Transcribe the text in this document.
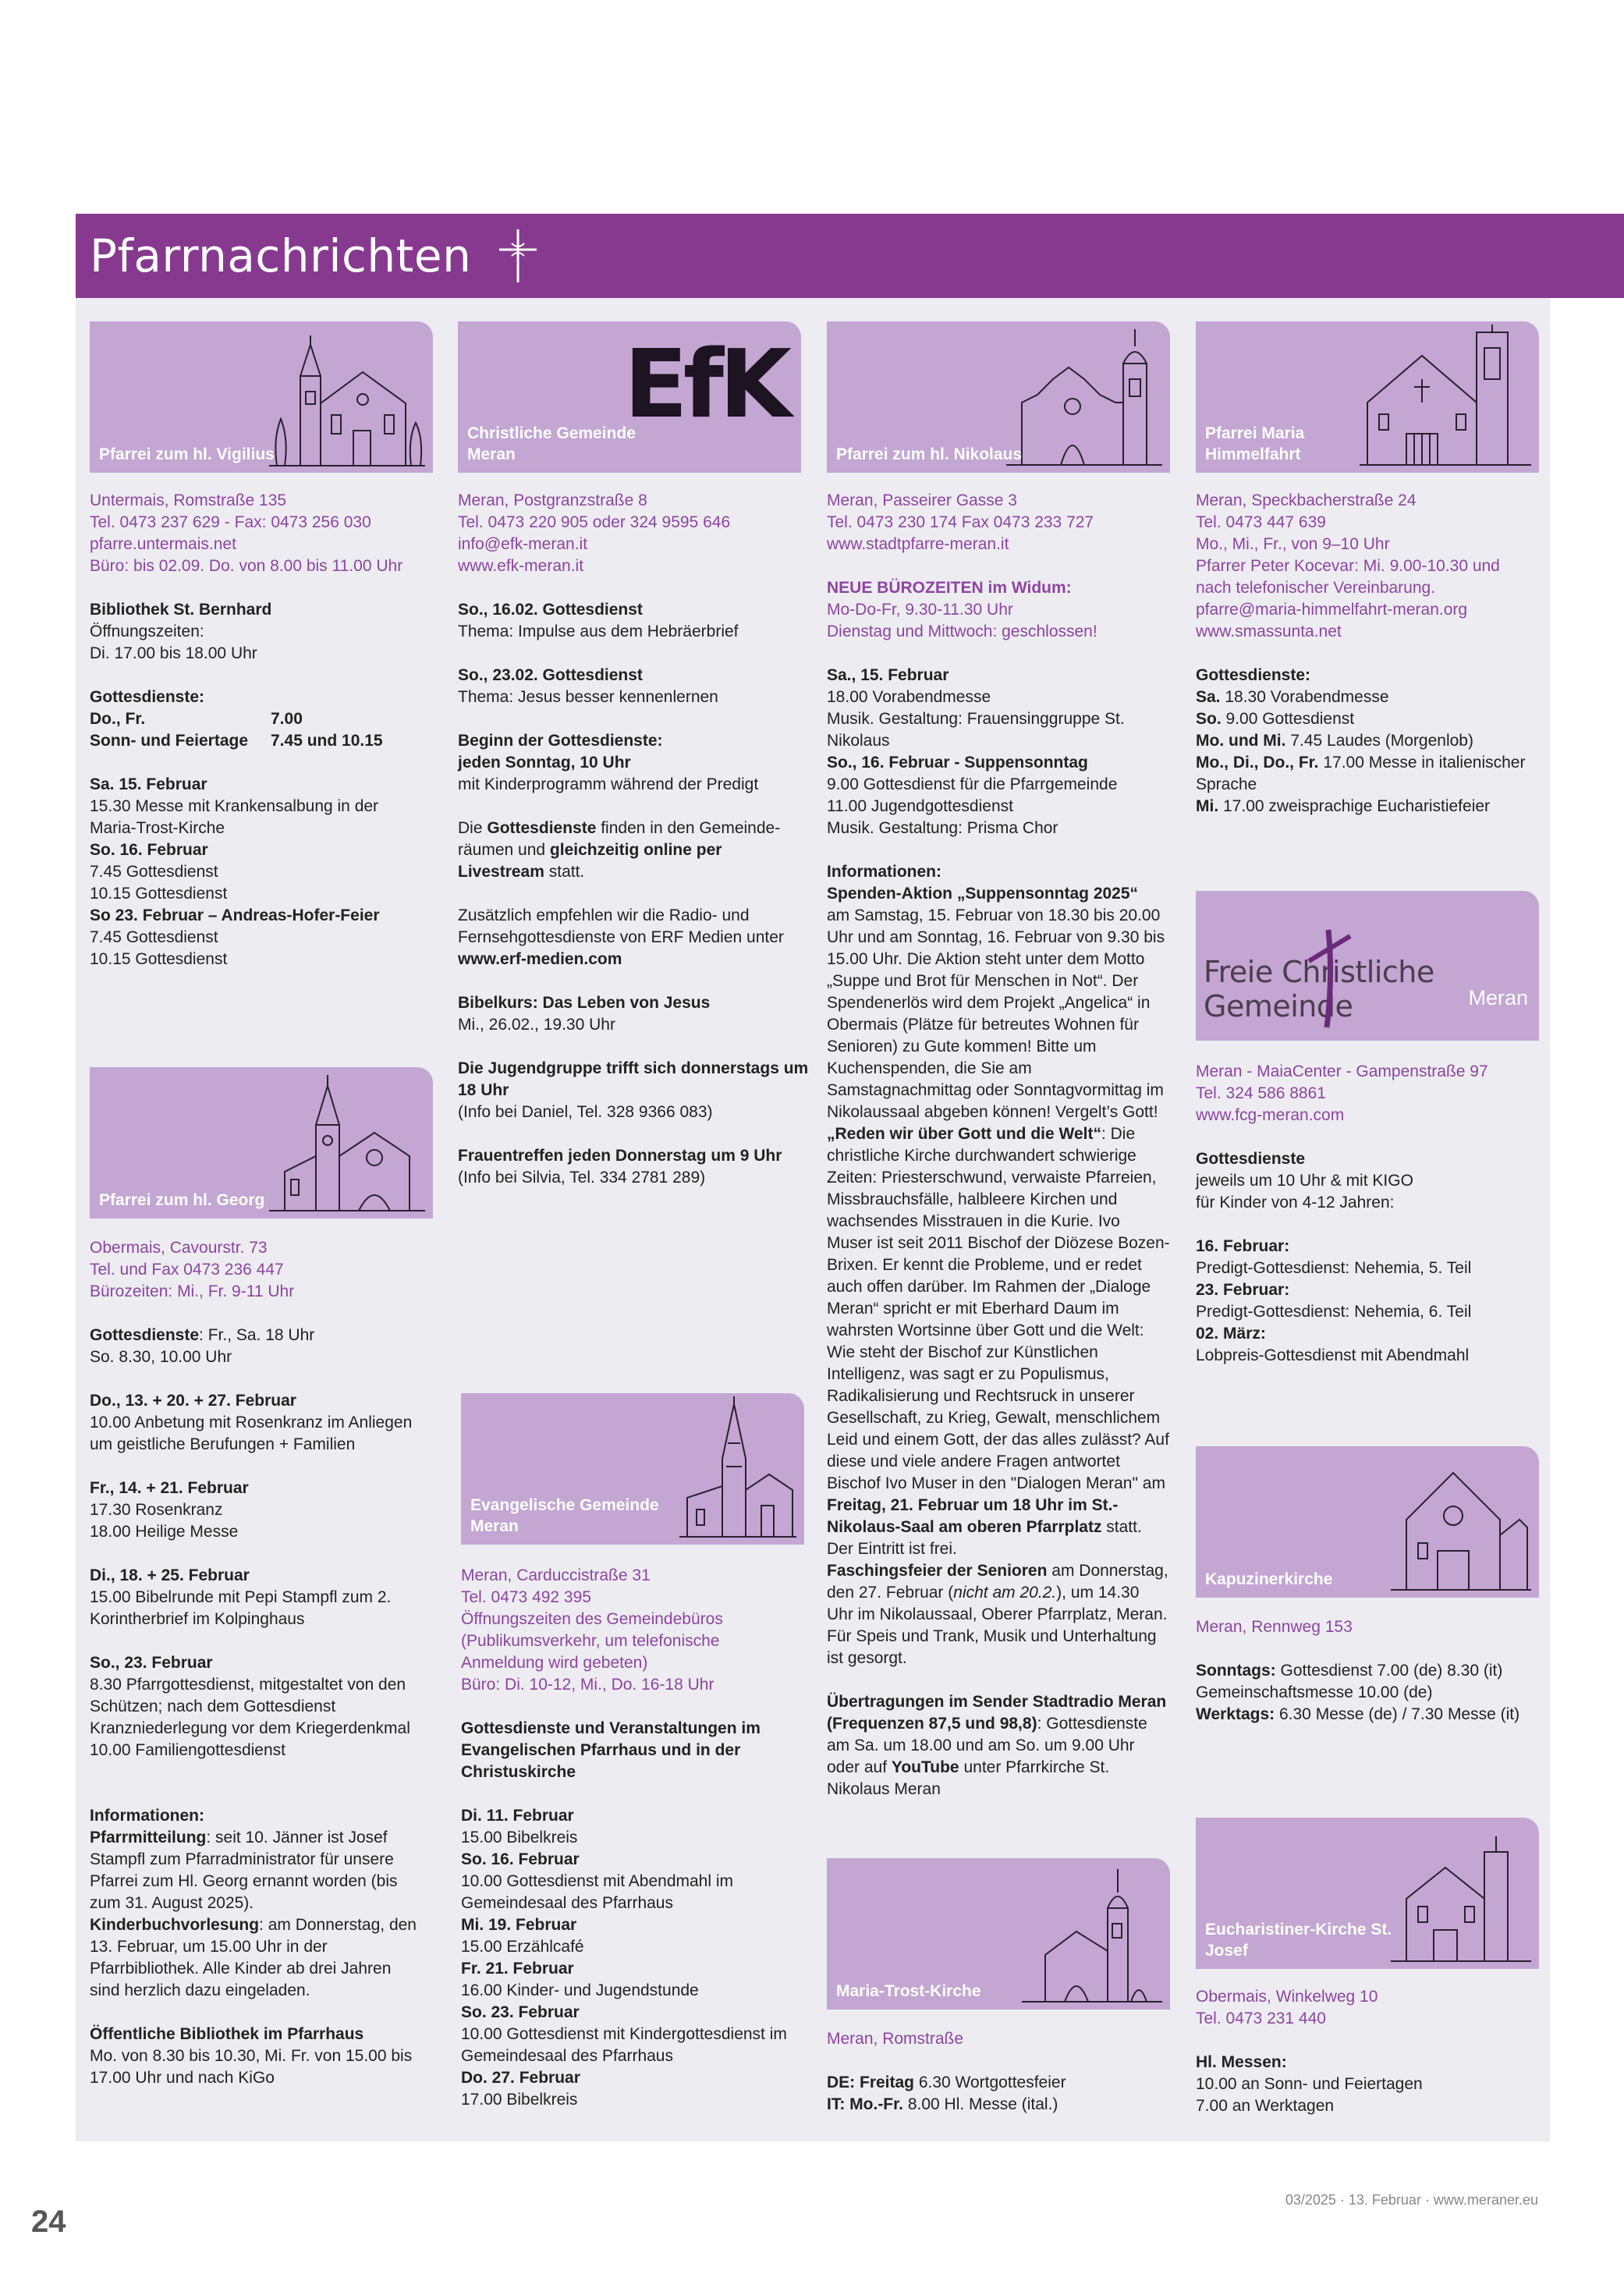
Pfarrnachrichten
Pfarrei zum hl. Vigilius

Untermais, Romstraße 135

Tel. 0473 237 629 - Fax: 0473 256 030

pfarre.untermais.net

Büro: bis 02.09. Do. von 8.00 bis 11.00 Uhr

Bibliothek St. Bernhard

Öffnungszeiten:

Di. 17.00 bis 18.00 Uhr

Gottesdienste:

Do., Fr.	7.00
Sonn- und Feiertage	7.45 und 10.15

Sa. 15. Februar

15.30 Messe mit Krankensalbung in der Maria-Trost-Kirche

So. 16. Februar

7.45 Gottesdienst

10.15 Gottesdienst

So 23. Februar – Andreas-Hofer-Feier

7.45 Gottesdienst

10.15 Gottesdienst

Pfarrei zum hl. Georg

Obermais, Cavourstr. 73

Tel. und Fax 0473 236 447

Bürozeiten: Mi., Fr. 9-11 Uhr

Gottesdienste: Fr., Sa. 18 Uhr

So. 8.30, 10.00 Uhr

Do., 13. + 20. + 27. Februar

10.00 Anbetung mit Rosenkranz im Anliegen um geistliche Berufungen + Familien

Fr., 14. + 21. Februar

17.30 Rosenkranz

18.00 Heilige Messe

Di., 18. + 25. Februar

15.00 Bibelrunde mit Pepi Stampfl zum 2. Korintherbrief im Kolpinghaus

So., 23. Februar

8.30 Pfarrgottesdienst, mitgestaltet von den Schützen; nach dem Gottesdienst Kranzniederlegung vor dem Kriegerdenkmal

10.00 Familiengottesdienst

Informationen:

Pfarrmitteilung: seit 10. Jänner ist Josef Stampfl zum Pfarradministrator für unsere Pfarrei zum Hl. Georg ernannt worden (bis zum 31. August 2025).

Kinderbuchvorlesung: am Donnerstag, den 13. Februar, um 15.00 Uhr in der Pfarrbibliothek. Alle Kinder ab drei Jahren sind herzlich dazu eingeladen.

Öffentliche Bibliothek im Pfarrhaus

Mo. von 8.30 bis 10.30, Mi. Fr. von 15.00 bis 17.00 Uhr und nach KiGo

EfK
Christliche Gemeinde Meran

Meran, Postgranzstraße 8

Tel. 0473 220 905 oder 324 9595 646

info@efk-meran.it

www.efk-meran.it

So., 16.02. Gottesdienst

Thema: Impulse aus dem Hebräerbrief

So., 23.02. Gottesdienst

Thema: Jesus besser kennenlernen

Beginn der Gottesdienste:

jeden Sonntag, 10 Uhr

mit Kinderprogramm während der Predigt

Die Gottesdienste finden in den Gemeinderäumen und gleichzeitig online per Livestream statt.

Zusätzlich empfehlen wir die Radio- und Fernsehgottesdienste von ERF Medien unter www.erf-medien.com

Bibelkurs: Das Leben von Jesus

Mi., 26.02., 19.30 Uhr

Die Jugendgruppe trifft sich donnerstags um 18 Uhr

(Info bei Daniel, Tel. 328 9366 083)

Frauentreffen jeden Donnerstag um 9 Uhr

(Info bei Silvia, Tel. 334 2781 289)

Evangelische Gemeinde Meran

Meran, Carduccistraße 31

Tel. 0473 492 395

Öffnungszeiten des Gemeindebüros (Publikumsverkehr, um telefonische Anmeldung wird gebeten)

Büro: Di. 10-12, Mi., Do. 16-18 Uhr

Gottesdienste und Veranstaltungen im Evangelischen Pfarrhaus und in der Christuskirche

Di. 11. Februar

15.00 Bibelkreis

So. 16. Februar

10.00 Gottesdienst mit Abendmahl im Gemeindesaal des Pfarrhaus

Mi. 19. Februar

15.00 Erzählcafé

Fr. 21. Februar

16.00 Kinder- und Jugendstunde

So. 23. Februar

10.00 Gottesdienst mit Kindergottesdienst im Gemeindesaal des Pfarrhaus

Do. 27. Februar

17.00 Bibelkreis

Pfarrei zum hl. Nikolaus

Meran, Passeirer Gasse 3

Tel. 0473 230 174 Fax 0473 233 727

www.stadtpfarre-meran.it

NEUE BÜROZEITEN im Widum:

Mo-Do-Fr, 9.30-11.30 Uhr

Dienstag und Mittwoch: geschlossen!

Sa., 15. Februar

18.00 Vorabendmesse

Musik. Gestaltung: Frauensinggruppe St. Nikolaus

So., 16. Februar - Suppensonntag

9.00 Gottesdienst für die Pfarrgemeinde

11.00 Jugendgottesdienst

Musik. Gestaltung: Prisma Chor

Informationen:

Spenden-Aktion „Suppensonntag 2025“

am Samstag, 15. Februar von 18.30 bis 20.00 Uhr und am Sonntag, 16. Februar von 9.30 bis 15.00 Uhr. Die Aktion steht unter dem Motto „Suppe und Brot für Menschen in Not“. Der Spendenerlös wird dem Projekt „Angelica“ in Obermais (Plätze für betreutes Wohnen für Senioren) zu Gute kommen! Bitte um Kuchenspenden, die Sie am Samstagnachmittag oder Sonntagvormittag im Nikolaussaal abgeben können! Vergelt’s Gott!

„Reden wir über Gott und die Welt“: Die christliche Kirche durchwandert schwierige Zeiten: Priesterschwund, verwaiste Pfarreien, Missbrauchsfälle, halbleere Kirchen und wachsendes Misstrauen in die Kurie. Ivo Muser ist seit 2011 Bischof der Diözese Bozen-Brixen. Er kennt die Probleme, und er redet auch offen darüber. Im Rahmen der „Dialoge Meran“ spricht er mit Eberhard Daum im wahrsten Wortsinne über Gott und die Welt: Wie steht der Bischof zur Künstlichen Intelligenz, was sagt er zu Populismus, Radikalisierung und Rechtsruck in unserer Gesellschaft, zu Krieg, Gewalt, menschlichem Leid und einem Gott, der das alles zulässt? Auf diese und viele andere Fragen antwortet Bischof Ivo Muser in den "Dialogen Meran" am Freitag, 21. Februar um 18 Uhr im St.-Nikolaus-Saal am oberen Pfarrplatz statt. Der Eintritt ist frei.

Faschingsfeier der Senioren am Donnerstag, den 27. Februar (nicht am 20.2.), um 14.30 Uhr im Nikolaussaal, Oberer Pfarrplatz, Meran. Für Speis und Trank, Musik und Unterhaltung ist gesorgt.

Übertragungen im Sender Stadtradio Meran (Frequenzen 87,5 und 98,8): Gottesdienste am Sa. um 18.00 und am So. um 9.00 Uhr oder auf YouTube unter Pfarrkirche St. Nikolaus Meran

Maria-Trost-Kirche

Meran, Romstraße

DE: Freitag 6.30 Wortgottesfeier

IT: Mo.-Fr. 8.00 Hl. Messe (ital.)

Pfarrei Maria Himmelfahrt

Meran, Speckbacherstraße 24

Tel. 0473 447 639

Mo., Mi., Fr., von 9–10 Uhr

Pfarrer Peter Kocevar: Mi. 9.00-10.30 und nach telefonischer Vereinbarung.

pfarre@maria-himmelfahrt-meran.org

www.smassunta.net

Gottesdienste:

Sa. 18.30 Vorabendmesse

So. 9.00 Gottesdienst

Mo. und Mi. 7.45 Laudes (Morgenlob)

Mo., Di., Do., Fr. 17.00 Messe in italienischer Sprache

Mi. 17.00 zweisprachige Eucharistiefeier

Freie Christliche Gemeinde	Meran

Meran - MaiaCenter - Gampenstraße 97

Tel. 324 586 8861

www.fcg-meran.com

Gottesdienste

jeweils um 10 Uhr & mit KIGO

für Kinder von 4-12 Jahren:

16. Februar:

Predigt-Gottesdienst: Nehemia, 5. Teil

23. Februar:

Predigt-Gottesdienst: Nehemia, 6. Teil

02. März:

Lobpreis-Gottesdienst mit Abendmahl

Kapuzinerkirche

Meran, Rennweg 153

Sonntags: Gottesdienst 7.00 (de) 8.30 (it)

Gemeinschaftsmesse 10.00 (de)

Werktags: 6.30 Messe (de) / 7.30 Messe (it)

Eucharistiner-Kirche St. Josef

Obermais, Winkelweg 10

Tel. 0473 231 440

Hl. Messen:

10.00 an Sonn- und Feiertagen

7.00 an Werktagen

24
03/2025 · 13. Februar · www.meraner.eu
